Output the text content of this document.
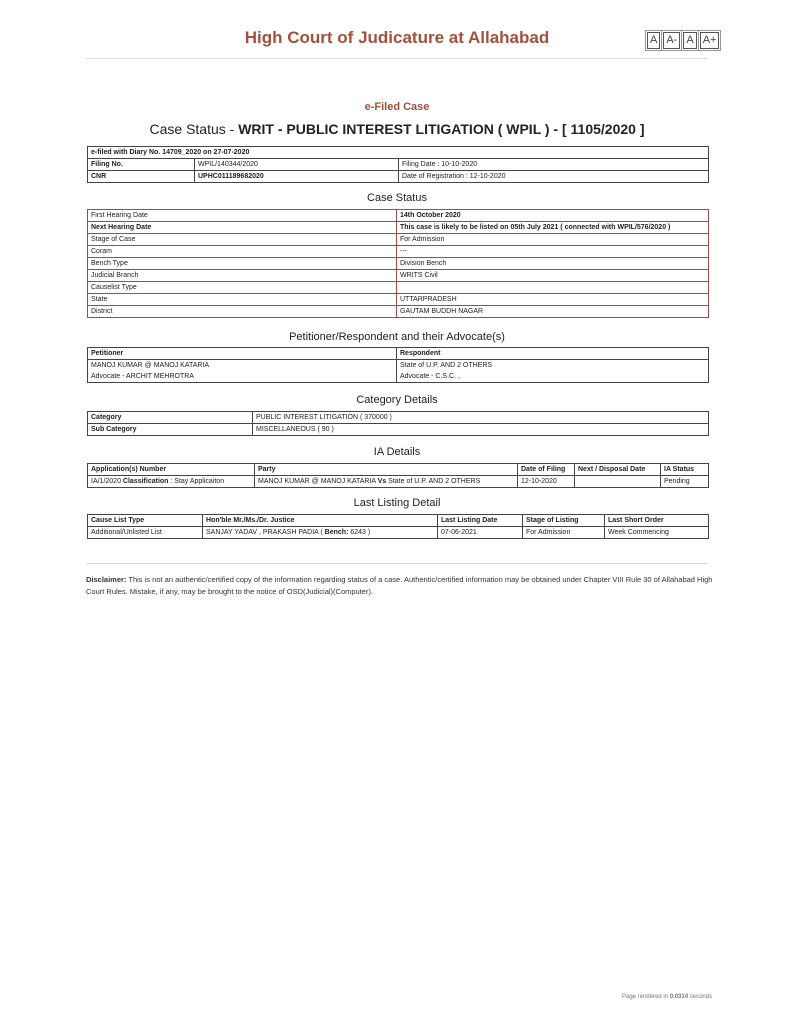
High Court of Judicature at Allahabad	A A- A A+
e-Filed Case
Case Status - WRIT - PUBLIC INTEREST LITIGATION ( WPIL ) - [ 1105/2020 ]
e-filed with Diary No. 14709_2020 on 27-07-2020		
Filing No.	WPIL/140344/2020	Filing Date : 10-10-2020
CNR	UPHC011189682020	Date of Registration : 12-10-2020
Case Status
First Hearing Date	14th October 2020
Next Hearing Date	This case is likely to be listed on 05th July 2021 ( connected with WPIL/576/2020 )
Stage of Case	For Admission
Coram	---
Bench Type	Division Bench
Judicial Branch	WRITS Civil
Causelist Type	
State	UTTARPRADESH
District	GAUTAM BUDDH NAGAR
Petitioner/Respondent and their Advocate(s)
Petitioner	Respondent
MANOJ KUMAR @ MANOJ KATARIA	State of U.P. AND 2 OTHERS
Advocate - ARCHIT MEHROTRA	Advocate - C.S.C. ,
Category Details
Category	PUBLIC INTEREST LITIGATION ( 370000 )
Sub Category	MISCELLANEOUS ( 90 )
IA Details
Application(s) Number	Party	Date of Filing	Next / Disposal Date	IA Status
IA/1/2020 Classification : Stay Applicaiton	MANOJ KUMAR @ MANOJ KATARIA Vs State of U.P. AND 2 OTHERS	12-10-2020		Pending
Last Listing Detail
Cause List Type	Hon'ble Mr./Ms./Dr. Justice	Last Listing Date	Stage of Listing	Last Short Order
Additional/Unlisted List	SANJAY YADAV , PRAKASH PADIA ( Bench: 6243 )	07-06-2021	For Admission	Week Commencing
Disclaimer: This is not an authentic/certified copy of the information regarding status of a case. Authentic/certified information may be obtained under Chapter VIII Rule 30 of Allahabad High Court Rules. Mistake, if any, may be brought to the notice of OSD(Judicial)(Computer).
Page rendered in 0.0314 seconds
